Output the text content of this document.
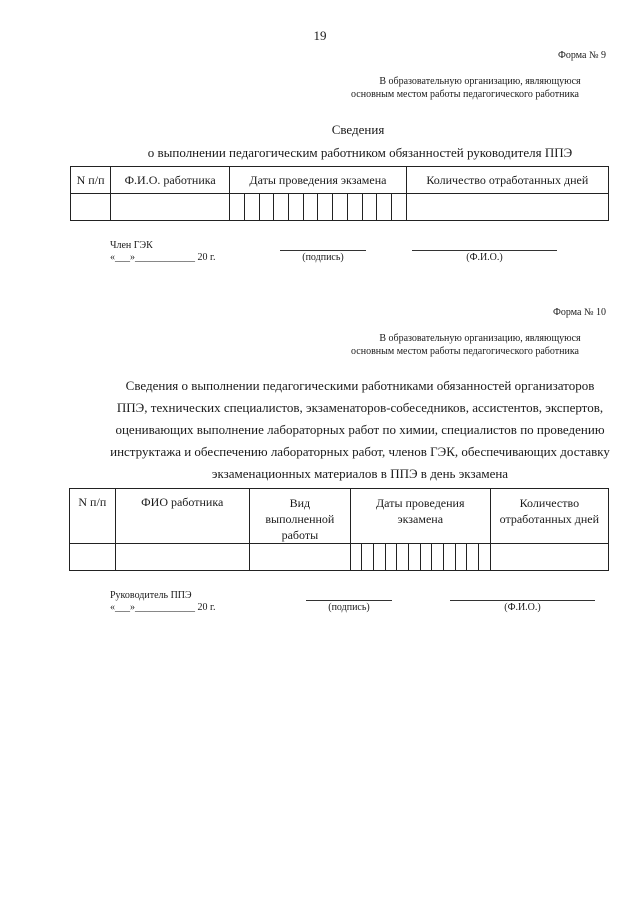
19
Форма № 9
В образовательную организацию, являющуюся
основным местом работы педагогического работника
Сведения
о выполнении педагогическим работником обязанностей руководителя ППЭ
N п/п	Ф.И.О. работника	Даты проведения экзамена												Количество отработанных дней

Член ГЭК
«___»____________ 20 г.	(подпись)	(Ф.И.О.)
Форма № 10
В образовательную организацию, являющуюся
основным местом работы педагогического работника
Сведения о выполнении педагогическими работниками обязанностей организаторов
ППЭ, технических специалистов, экзаменаторов-собеседников, ассистентов, экспертов,
оценивающих выполнение лабораторных работ по химии, специалистов по проведению
инструктажа и обеспечению лабораторных работ, членов ГЭК, обеспечивающих доставку
экзаменационных материалов в ППЭ в день экзамена
N п/п	ФИО работника	Вид выполненной работы	Даты проведения экзамена												Количество отработанных дней

Руководитель ППЭ
«___»____________ 20 г.	(подпись)	(Ф.И.О.)
